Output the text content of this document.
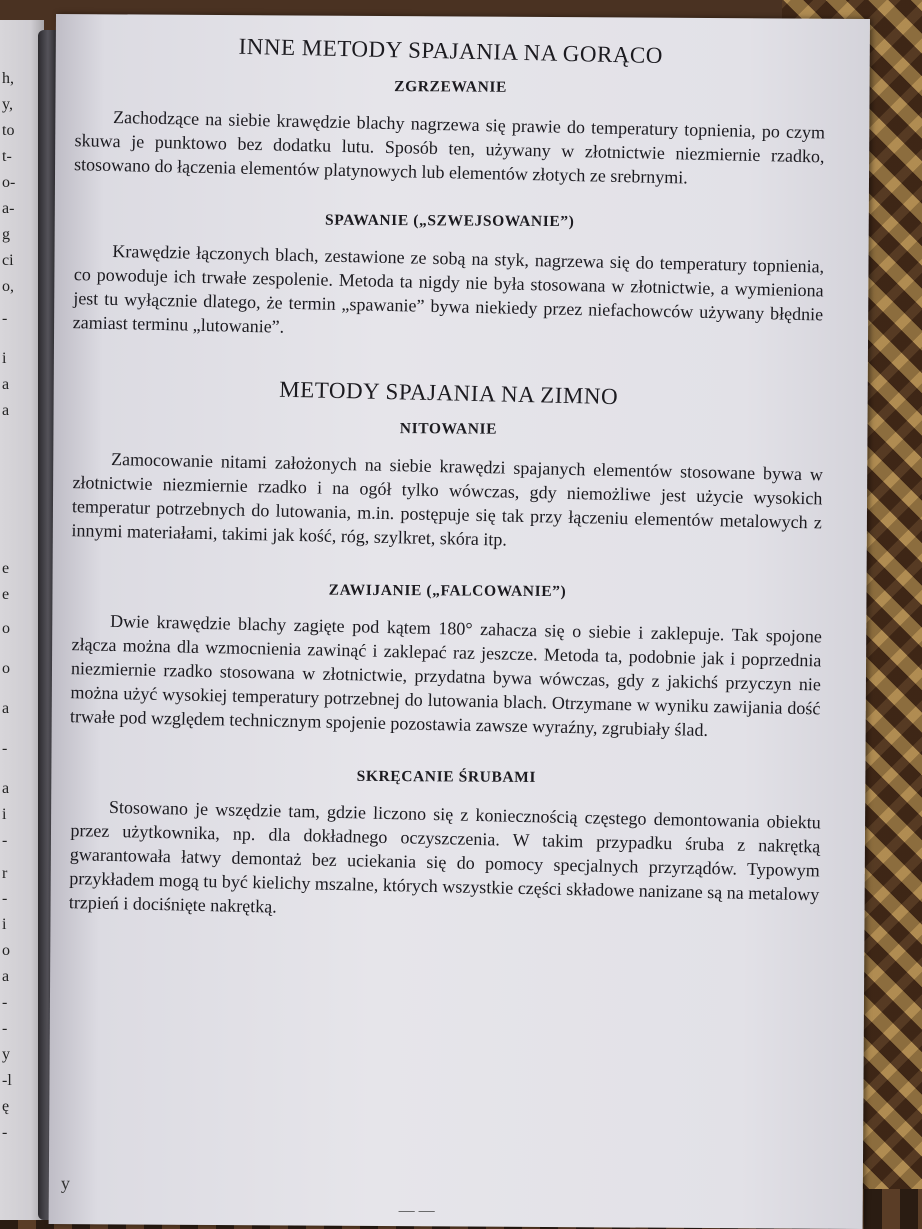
h,
y,
to
t-
o-
a-
g
ci
o,
-
i
a
a
e
e
o
o
a
-
a
i
-
r
-
i
o
a
-
-
y
-l
ę
-
INNE METODY SPAJANIA NA GORĄCO
ZGRZEWANIE

Zachodzące na siebie krawędzie blachy nagrzewa się prawie do temperatury topnienia, po czym skuwa je punktowo bez dodatku lutu. Sposób ten, używany w złotnictwie niezmiernie rzadko, stosowano do łączenia elementów platynowych lub elementów złotych ze srebrnymi.

SPAWANIE („SZWEJSOWANIE”)

Krawędzie łączonych blach, zestawione ze sobą na styk, nagrzewa się do temperatury topnienia, co powoduje ich trwałe zespolenie. Metoda ta nigdy nie była stosowana w złotnictwie, a wymieniona jest tu wyłącznie dlatego, że termin „spawanie” bywa niekiedy przez niefachowców używany błędnie zamiast terminu „lutowanie”.

METODY SPAJANIA NA ZIMNO
NITOWANIE

Zamocowanie nitami założonych na siebie krawędzi spajanych elementów stosowane bywa w złotnictwie niezmiernie rzadko i na ogół tylko wówczas, gdy niemożliwe jest użycie wysokich temperatur potrzebnych do lutowania, m.in. postępuje się tak przy łączeniu elementów metalowych z innymi materiałami, takimi jak kość, róg, szylkret, skóra itp.

ZAWIJANIE („FALCOWANIE”)

Dwie krawędzie blachy zagięte pod kątem 180° zahacza się o siebie i zaklepuje. Tak spojone złącza można dla wzmocnienia zawinąć i zaklepać raz jeszcze. Metoda ta, podobnie jak i poprzednia niezmiernie rzadko stosowana w złotnictwie, przydatna bywa wówczas, gdy z jakichś przyczyn nie można użyć wysokiej temperatury potrzebnej do lutowania blach. Otrzymane w wyniku zawijania dość trwałe pod względem technicznym spojenie pozostawia zawsze wyraźny, zgrubiały ślad.

SKRĘCANIE ŚRUBAMI

Stosowano je wszędzie tam, gdzie liczono się z koniecznością częstego demontowania obiektu przez użytkownika, np. dla dokładnego oczyszczenia. W takim przypadku śruba z nakrętką gwarantowała łatwy demontaż bez uciekania się do pomocy specjalnych przyrządów. Typowym przykładem mogą tu być kielichy mszalne, których wszystkie części składowe nanizane są na metalowy trzpień i dociśnięte nakrętką.

y
— —
